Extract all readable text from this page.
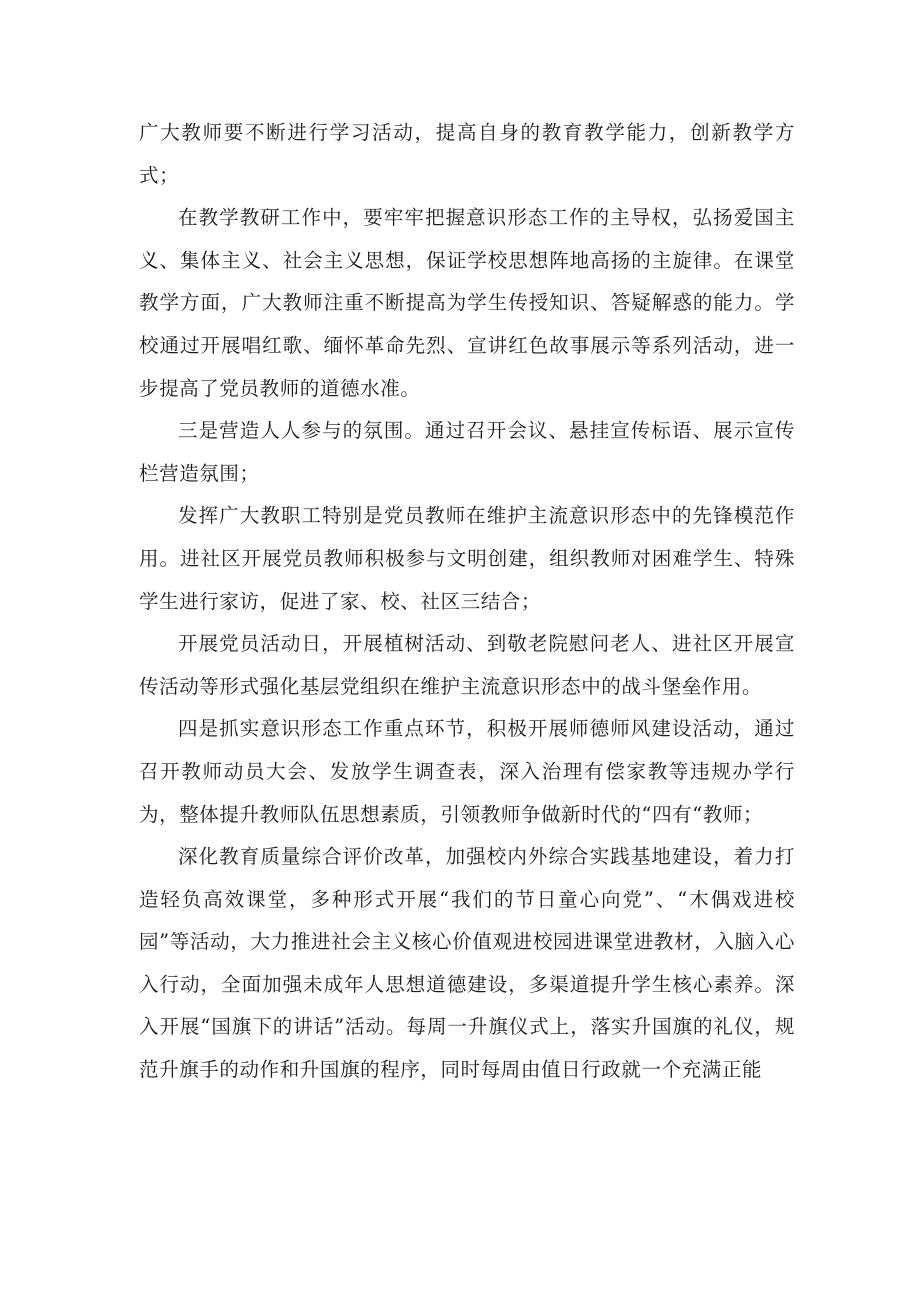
广大教师要不断进行学习活动，提高自身的教育教学能力，创新教学方式；

在教学教研工作中，要牢牢把握意识形态工作的主导权，弘扬爱国主义、集体主义、社会主义思想，保证学校思想阵地高扬的主旋律。在课堂教学方面，广大教师注重不断提高为学生传授知识、答疑解惑的能力。学校通过开展唱红歌、缅怀革命先烈、宣讲红色故事展示等系列活动，进一步提高了党员教师的道德水准。

三是营造人人参与的氛围。通过召开会议、悬挂宣传标语、展示宣传栏营造氛围；

发挥广大教职工特别是党员教师在维护主流意识形态中的先锋模范作用。进社区开展党员教师积极参与文明创建，组织教师对困难学生、特殊学生进行家访，促进了家、校、社区三结合；

开展党员活动日，开展植树活动、到敬老院慰问老人、进社区开展宣传活动等形式强化基层党组织在维护主流意识形态中的战斗堡垒作用。

四是抓实意识形态工作重点环节，积极开展师德师风建设活动，通过召开教师动员大会、发放学生调查表，深入治理有偿家教等违规办学行为，整体提升教师队伍思想素质，引领教师争做新时代的“四有“教师；

深化教育质量综合评价改革，加强校内外综合实践基地建设，着力打造轻负高效课堂，多种形式开展“我们的节日童心向党”、“木偶戏进校园”等活动，大力推进社会主义核心价值观进校园进课堂进教材，入脑入心入行动，全面加强未成年人思想道德建设，多渠道提升学生核心素养。深入开展“国旗下的讲话”活动。每周一升旗仪式上，落实升国旗的礼仪，规范升旗手的动作和升国旗的程序，同时每周由值日行政就一个充满正能
